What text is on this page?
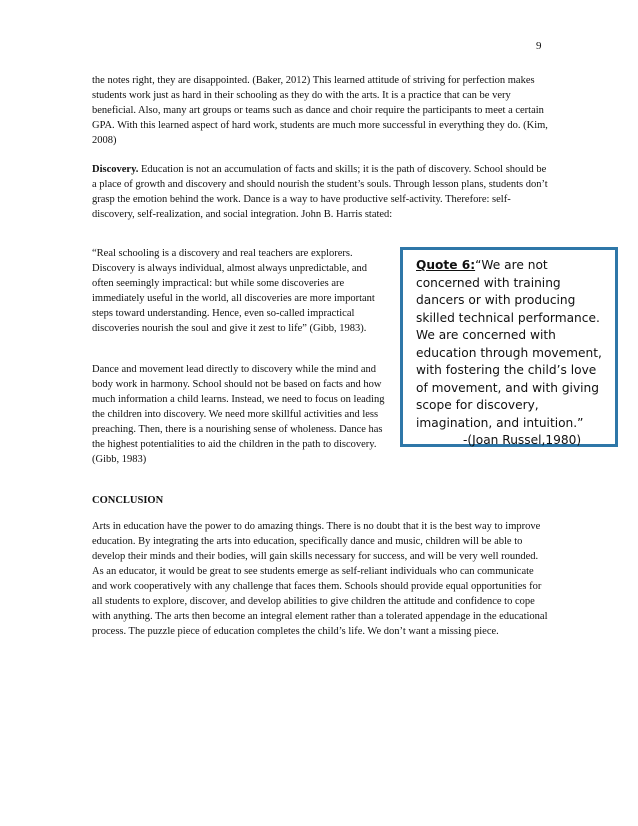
9

the notes right, they are disappointed. (Baker, 2012) This learned attitude of striving for perfection makes students work just as hard in their schooling as they do with the arts. It is a practice that can be very beneficial. Also, many art groups or teams such as dance and choir require the participants to meet a certain GPA. With this learned aspect of hard work, students are much more successful in everything they do. (Kim, 2008)

Discovery. Education is not an accumulation of facts and skills; it is the path of discovery. School should be a place of growth and discovery and should nourish the student’s souls. Through lesson plans, students don’t grasp the emotion behind the work. Dance is a way to have productive self-activity. Therefore: self-discovery, self-realization, and social integration. John B. Harris stated:

“Real schooling is a discovery and real teachers are explorers. Discovery is always individual, almost always unpredictable, and often seemingly impractical: but while some discoveries are immediately useful in the world, all discoveries are more important steps toward understanding. Hence, even so-called impractical discoveries nourish the soul and give it zest to life” (Gibb, 1983).

Dance and movement lead directly to discovery while the mind and body work in harmony. School should not be based on facts and how much information a child learns. Instead, we need to focus on leading the children into discovery. We need more skillful activities and less preaching. Then, there is a nourishing sense of wholeness. Dance has the highest potentialities to aid the children in the path to discovery. (Gibb, 1983)

Quote 6:“We are not concerned with training dancers or with producing skilled technical performance. We are concerned with education through movement, with fostering the child’s love of movement, and with giving scope for discovery, imagination, and intuition.”
-(Joan Russel,1980)

CONCLUSION

Arts in education have the power to do amazing things. There is no doubt that it is the best way to improve education. By integrating the arts into education, specifically dance and music, children will be able to develop their minds and their bodies, will gain skills necessary for success, and will be very well rounded. As an educator, it would be great to see students emerge as self-reliant individuals who can communicate and work cooperatively with any challenge that faces them. Schools should provide equal opportunities for all students to explore, discover, and develop abilities to give children the attitude and confidence to cope with anything. The arts then become an integral element rather than a tolerated appendage in the educational process. The puzzle piece of education completes the child’s life. We don’t want a missing piece.
